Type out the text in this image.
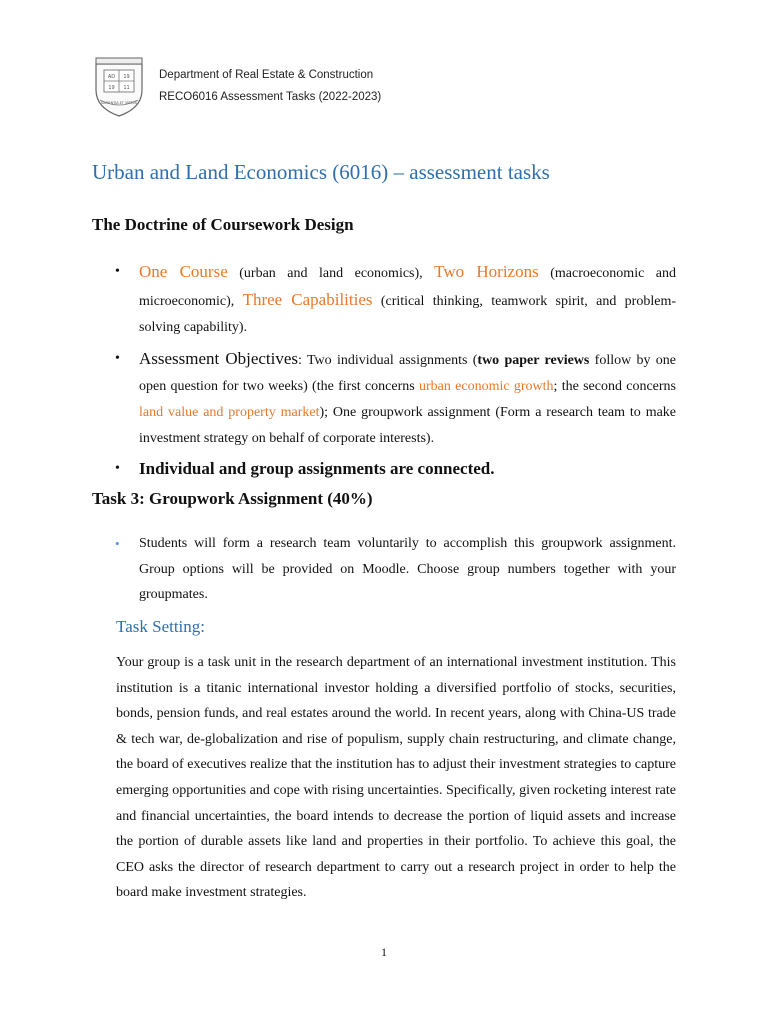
AD 19
19 11
SAPIENTIA ET VIRTUS
Department of Real Estate & Construction
RECO6016 Assessment Tasks (2022-2023)
Urban and Land Economics (6016) – assessment tasks
The Doctrine of Coursework Design
• One Course (urban and land economics), Two Horizons (macroeconomic and microeconomic), Three Capabilities (critical thinking, teamwork spirit, and problem-solving capability).
• Assessment Objectives: Two individual assignments (two paper reviews follow by one open question for two weeks) (the first concerns urban economic growth; the second concerns land value and property market); One groupwork assignment (Form a research team to make investment strategy on behalf of corporate interests).
• Individual and group assignments are connected.
Task 3: Groupwork Assignment (40%)
• Students will form a research team voluntarily to accomplish this groupwork assignment. Group options will be provided on Moodle. Choose group numbers together with your groupmates.
Task Setting:

Your group is a task unit in the research department of an international investment institution. This institution is a titanic international investor holding a diversified portfolio of stocks, securities, bonds, pension funds, and real estates around the world. In recent years, along with China-US trade & tech war, de-globalization and rise of populism, supply chain restructuring, and climate change, the board of executives realize that the institution has to adjust their investment strategies to capture emerging opportunities and cope with rising uncertainties. Specifically, given rocketing interest rate and financial uncertainties, the board intends to decrease the portion of liquid assets and increase the portion of durable assets like land and properties in their portfolio. To achieve this goal, the CEO asks the director of research department to carry out a research project in order to help the board make investment strategies.

1
